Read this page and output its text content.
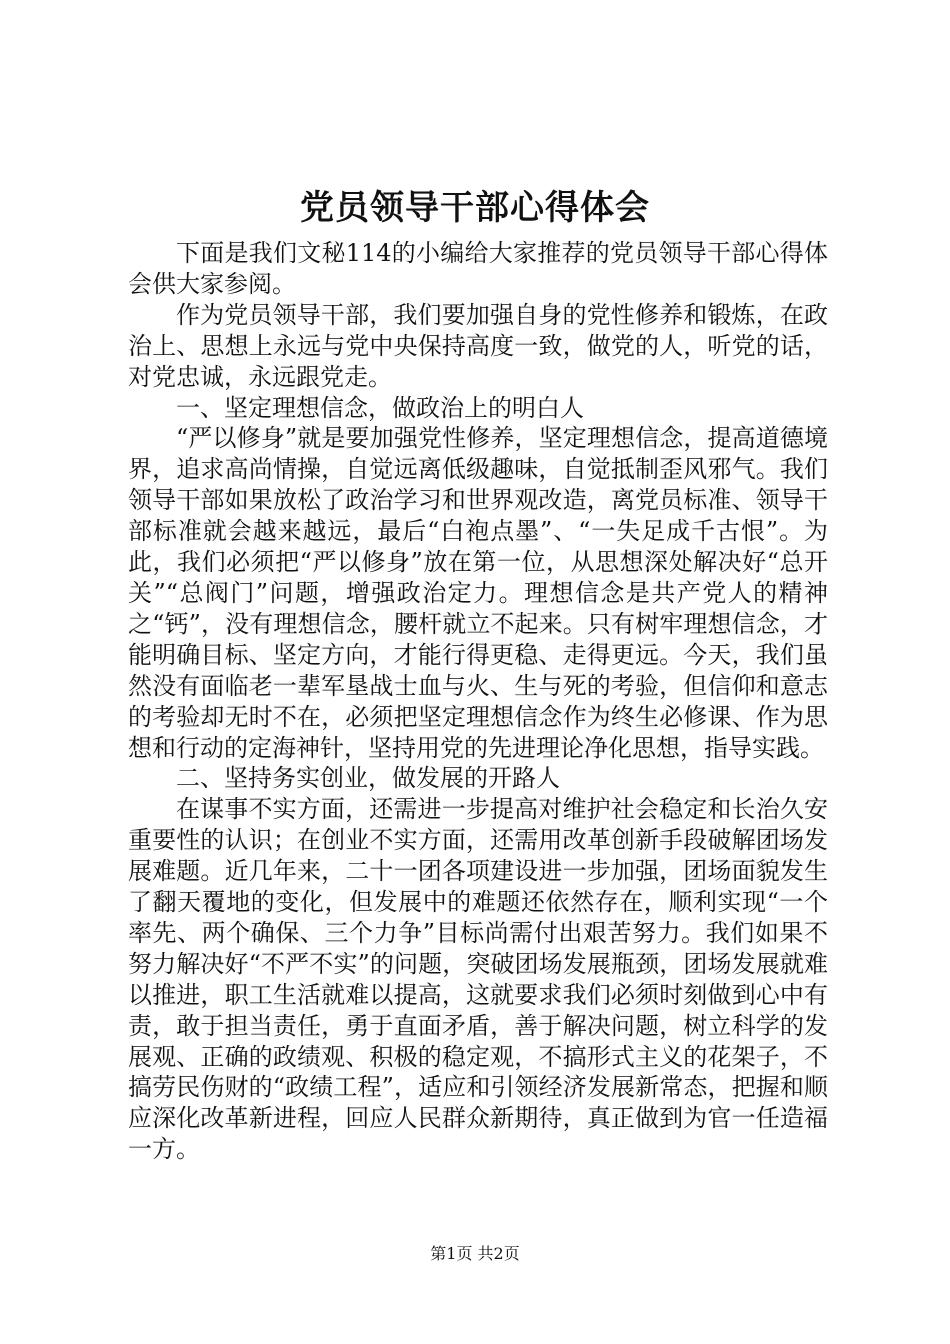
党员领导干部心得体会

下面是我们文秘114的小编给大家推荐的党员领导干部心得体会供大家参阅。

作为党员领导干部，我们要加强自身的党性修养和锻炼，在政治上、思想上永远与党中央保持高度一致，做党的人，听党的话，对党忠诚，永远跟党走。

一、坚定理想信念，做政治上的明白人

“严以修身”就是要加强党性修养，坚定理想信念，提高道德境界，追求高尚情操，自觉远离低级趣味，自觉抵制歪风邪气。我们领导干部如果放松了政治学习和世界观改造，离党员标准、领导干部标准就会越来越远，最后“白袍点墨”、“一失足成千古恨”。为此，我们必须把“严以修身”放在第一位，从思想深处解决好“总开关”“总阀门”问题，增强政治定力。理想信念是共产党人的精神之“钙”，没有理想信念，腰杆就立不起来。只有树牢理想信念，才能明确目标、坚定方向，才能行得更稳、走得更远。今天，我们虽然没有面临老一辈军垦战士血与火、生与死的考验，但信仰和意志的考验却无时不在，必须把坚定理想信念作为终生必修课、作为思想和行动的定海神针，坚持用党的先进理论净化思想，指导实践。

二、坚持务实创业，做发展的开路人

在谋事不实方面，还需进一步提高对维护社会稳定和长治久安重要性的认识；在创业不实方面，还需用改革创新手段破解团场发展难题。近几年来，二十一团各项建设进一步加强，团场面貌发生了翻天覆地的变化，但发展中的难题还依然存在，顺利实现“一个率先、两个确保、三个力争”目标尚需付出艰苦努力。我们如果不努力解决好“不严不实”的问题，突破团场发展瓶颈，团场发展就难以推进，职工生活就难以提高，这就要求我们必须时刻做到心中有责，敢于担当责任，勇于直面矛盾，善于解决问题，树立科学的发展观、正确的政绩观、积极的稳定观，不搞形式主义的花架子，不搞劳民伤财的“政绩工程”，适应和引领经济发展新常态，把握和顺应深化改革新进程，回应人民群众新期待，真正做到为官一任造福一方。

第1页 共2页
